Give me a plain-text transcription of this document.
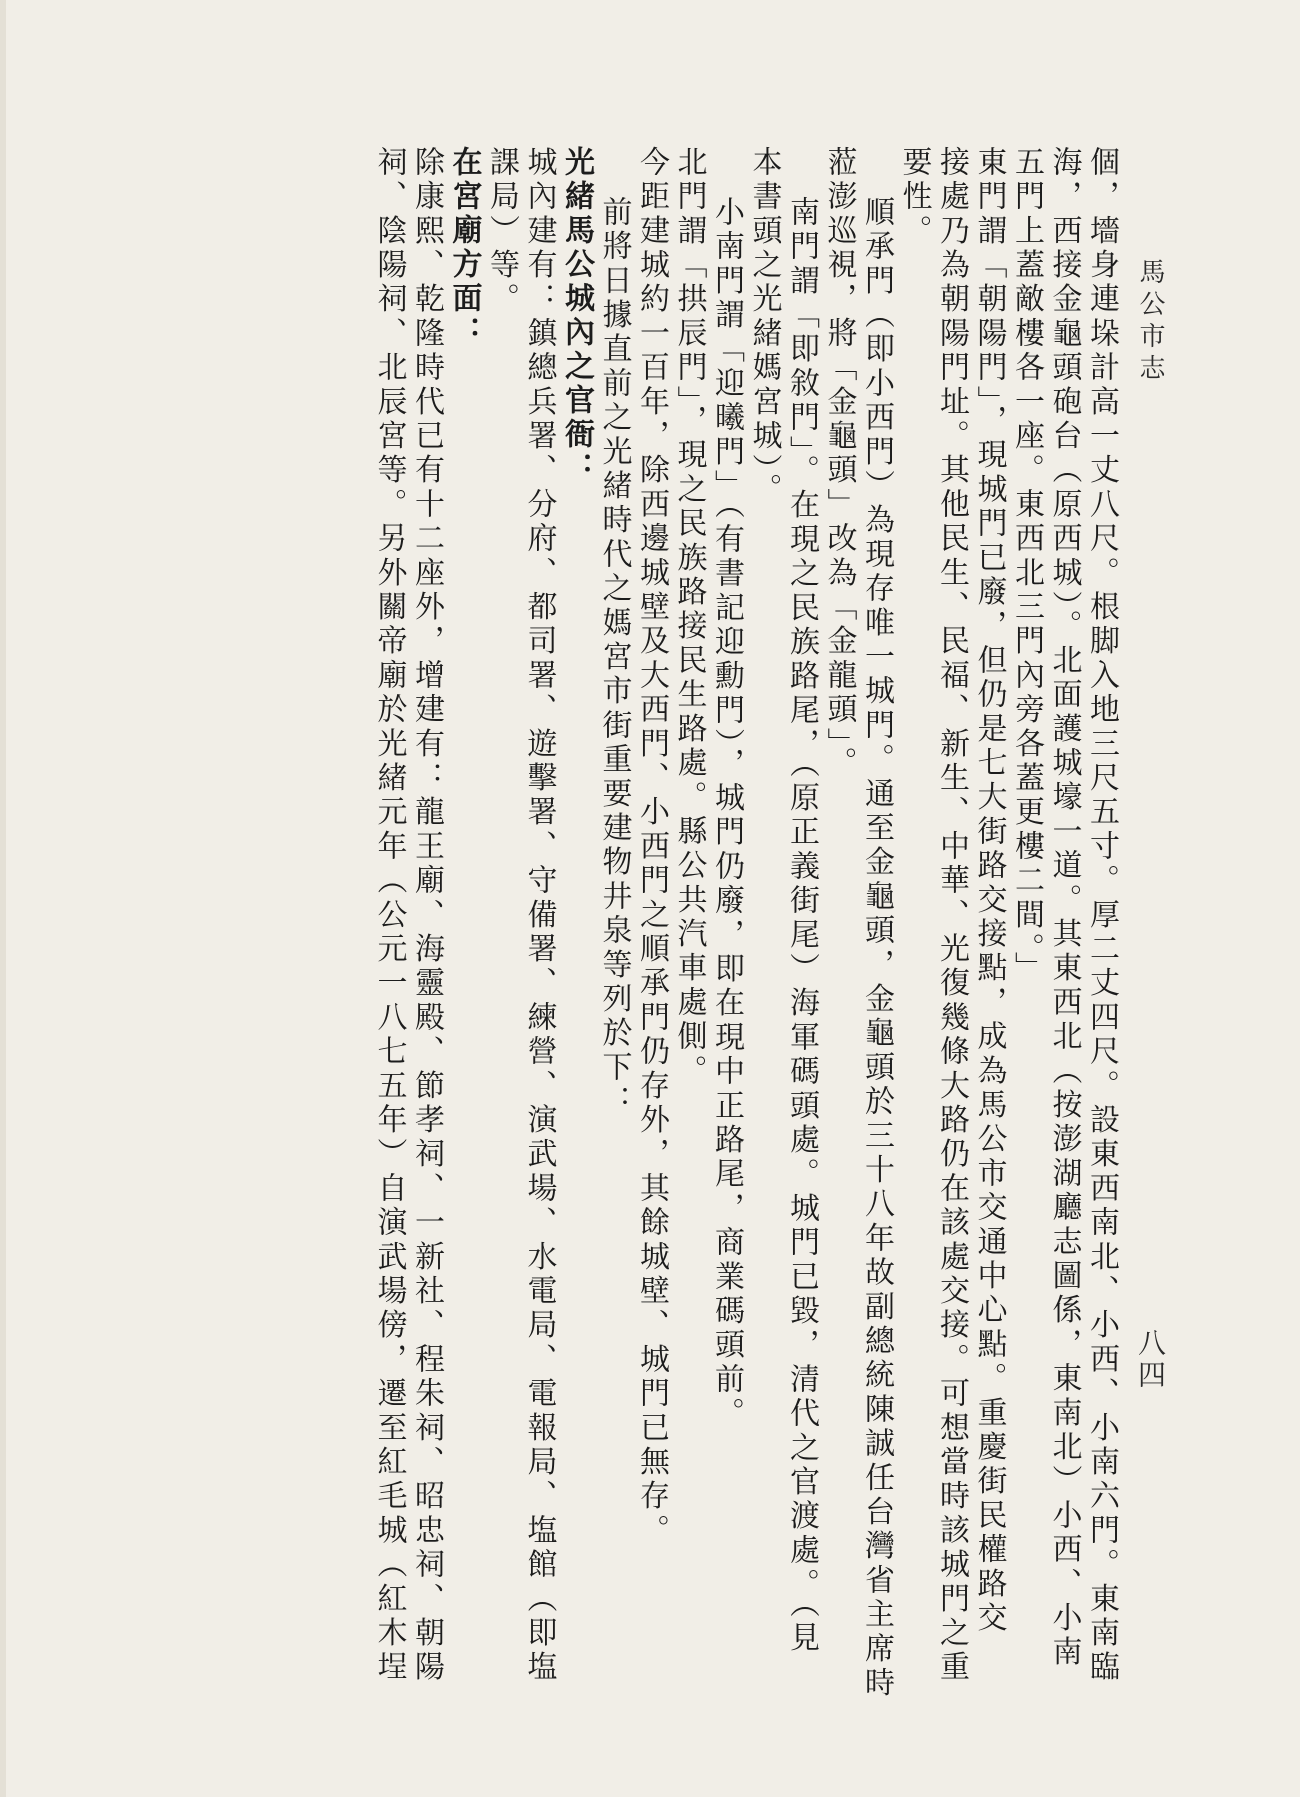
馬公市志
八四

個，墻身連垛計高一丈八尺。根脚入地三尺五寸。厚二丈四尺。設東西南北、小西、小南六門。東南臨

海，西接金龜頭砲台（原西城）。北面護城壕一道。其東西北（按澎湖廳志圖係，東南北）小西、小南

五門上蓋敵樓各一座。東西北三門內旁各蓋更樓二間。」

東門謂「朝陽門」，現城門已廢，但仍是七大街路交接點，成為馬公市交通中心點。重慶街民權路交

接處乃為朝陽門址。其他民生、民福、新生、中華、光復幾條大路仍在該處交接。可想當時該城門之重

要性。

順承門（即小西門）為現存唯一城門。通至金龜頭，金龜頭於三十八年故副總統陳誠任台灣省主席時

蒞澎巡視，將「金龜頭」改為「金龍頭」。

南門謂「即敘門」。在現之民族路尾，（原正義街尾）海軍碼頭處。城門已毀，清代之官渡處。（見

本書頭之光緒媽宮城）。

小南門謂「迎曦門」（有書記迎勳門），城門仍廢，即在現中正路尾，商業碼頭前。

北門謂「拱辰門」，現之民族路接民生路處。縣公共汽車處側。

今距建城約一百年，除西邊城壁及大西門、小西門之順承門仍存外，其餘城壁、城門已無存。

前將日據直前之光緒時代之媽宮市街重要建物井泉等列於下：

光緒馬公城內之官衙：

城內建有：鎮總兵署、分府、都司署、遊擊署、守備署、練營、演武場、水電局、電報局、塩館（即塩

課局）等。

在宮廟方面：

除康熙、乾隆時代已有十二座外，增建有：龍王廟、海靈殿、節孝祠、一新社、程朱祠、昭忠祠、朝陽

祠、陰陽祠、北辰宮等。另外關帝廟於光緒元年（公元一八七五年）自演武場傍，遷至紅毛城（紅木埕
